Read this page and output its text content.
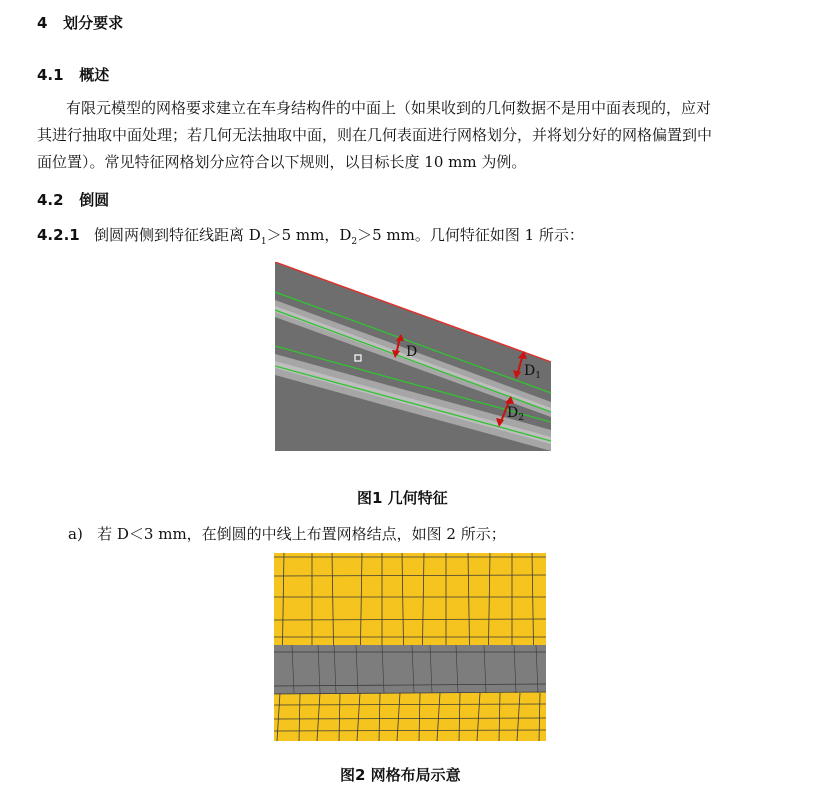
4 划分要求
4.1 概述
有限元模型的网格要求建立在车身结构件的中面上（如果收到的几何数据不是用中面表现的，应对
其进行抽取中面处理；若几何无法抽取中面，则在几何表面进行网格划分，并将划分好的网格偏置到中
面位置）。常见特征网格划分应符合以下规则，以目标长度 10 mm 为例。
4.2 倒圆
4.2.1 倒圆两侧到特征线距离 $D_1>5$ mm，$D_2>5$ mm。几何特征如图 1 所示：
D
$D_1$
$D_2$
图1 几何特征
a) 若 D＜3 mm，在倒圆的中线上布置网格结点，如图 2 所示；
图2 网格布局示意
